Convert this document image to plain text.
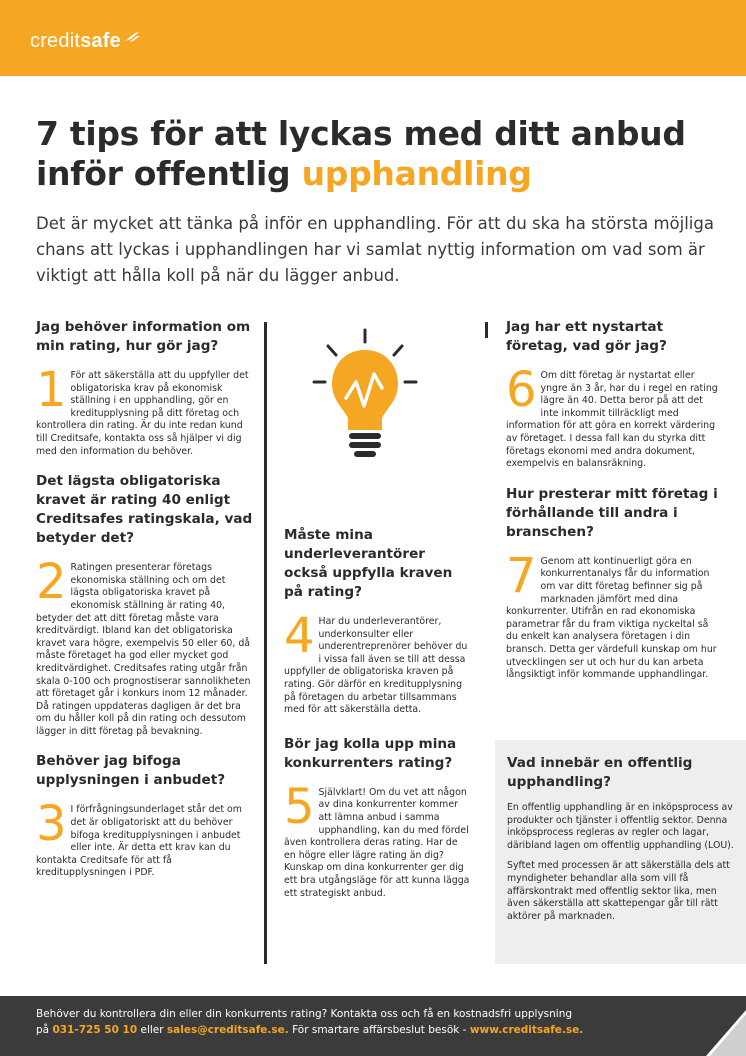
credit safe
7 tips för att lyckas med ditt anbud
inför offentlig upphandling

Det är mycket att tänka på inför en upphandling. För att du ska ha största möjliga chans att lyckas i upphandlingen har vi samlat nyttig information om vad som är viktigt att hålla koll på när du lägger anbud.

Jag behöver information om min rating, hur gör jag?
1 För att säkerställa att du uppfyller det obligatoriska krav på ekonomisk ställning i en upphandling, gör en kreditupplysning på ditt företag och kontrollera din rating. Är du inte redan kund till Creditsafe, kontakta oss så hjälper vi dig med den information du behöver.
Det lägsta obligatoriska kravet är rating 40 enligt Creditsafes ratingskala, vad betyder det?
2 Ratingen presenterar företags ekonomiska ställning och om det lägsta obligatoriska kravet på ekonomisk ställning är rating 40, betyder det att ditt företag måste vara kreditvärdigt. Ibland kan det obligatoriska kravet vara högre, exempelvis 50 eller 60, då måste företaget ha god eller mycket god kreditvärdighet. Creditsafes rating utgår från skala 0-100 och prognostiserar sannolikheten att företaget går i konkurs inom 12 månader. Då ratingen uppdateras dagligen är det bra om du håller koll på din rating och dessutom lägger in ditt företag på bevakning.
Behöver jag bifoga upplysningen i anbudet?
3 I förfrågningsunderlaget står det om det är obligatoriskt att du behöver bifoga kreditupplysningen i anbudet eller inte. Är detta ett krav kan du kontakta Creditsafe för att få kreditupplysningen i PDF.
Måste mina underleverantörer också uppfylla kraven på rating?
4 Har du underleverantörer, underkonsulter eller underentreprenörer behöver du i vissa fall även se till att dessa uppfyller de obligatoriska kraven på rating. Gör därför en kreditupplysning på företagen du arbetar tillsammans med för att säkerställa detta.
Bör jag kolla upp mina konkurrenters rating?
5 Självklart! Om du vet att någon av dina konkurrenter kommer att lämna anbud i samma upphandling, kan du med fördel även kontrollera deras rating. Har de en högre eller lägre rating än dig? Kunskap om dina konkurrenter ger dig ett bra utgångsläge för att kunna lägga ett strategiskt anbud.
Jag har ett nystartat företag, vad gör jag?
6 Om ditt företag är nystartat eller yngre än 3 år, har du i regel en rating lägre än 40. Detta beror på att det inte inkommit tillräckligt med information för att göra en korrekt värdering av företaget. I dessa fall kan du styrka ditt företags ekonomi med andra dokument, exempelvis en balansräkning.
Hur presterar mitt företag i förhållande till andra i branschen?
7 Genom att kontinuerligt göra en konkurrentanalys får du information om var ditt företag befinner sig på marknaden jämfört med dina konkurrenter. Utifrån en rad ekonomiska parametrar får du fram viktiga nyckeltal så du enkelt kan analysera företagen i din bransch. Detta ger värdefull kunskap om hur utvecklingen ser ut och hur du kan arbeta långsiktigt inför kommande upphandlingar.
Vad innebär en offentlig upphandling?

En offentlig upphandling är en inköpsprocess av produkter och tjänster i offentlig sektor. Denna inköpsprocess regleras av regler och lagar, däribland lagen om offentlig upphandling (LOU).

Syftet med processen är att säkerställa dels att myndigheter behandlar alla som vill få affärskontrakt med offentlig sektor lika, men även säkerställa att skattepengar går till rätt aktörer på marknaden.

Behöver du kontrollera din eller din konkurrents rating? Kontakta oss och få en kostnadsfri upplysning
på 031-725 50 10 eller sales@creditsafe.se. För smartare affärsbeslut besök - www.creditsafe.se.
